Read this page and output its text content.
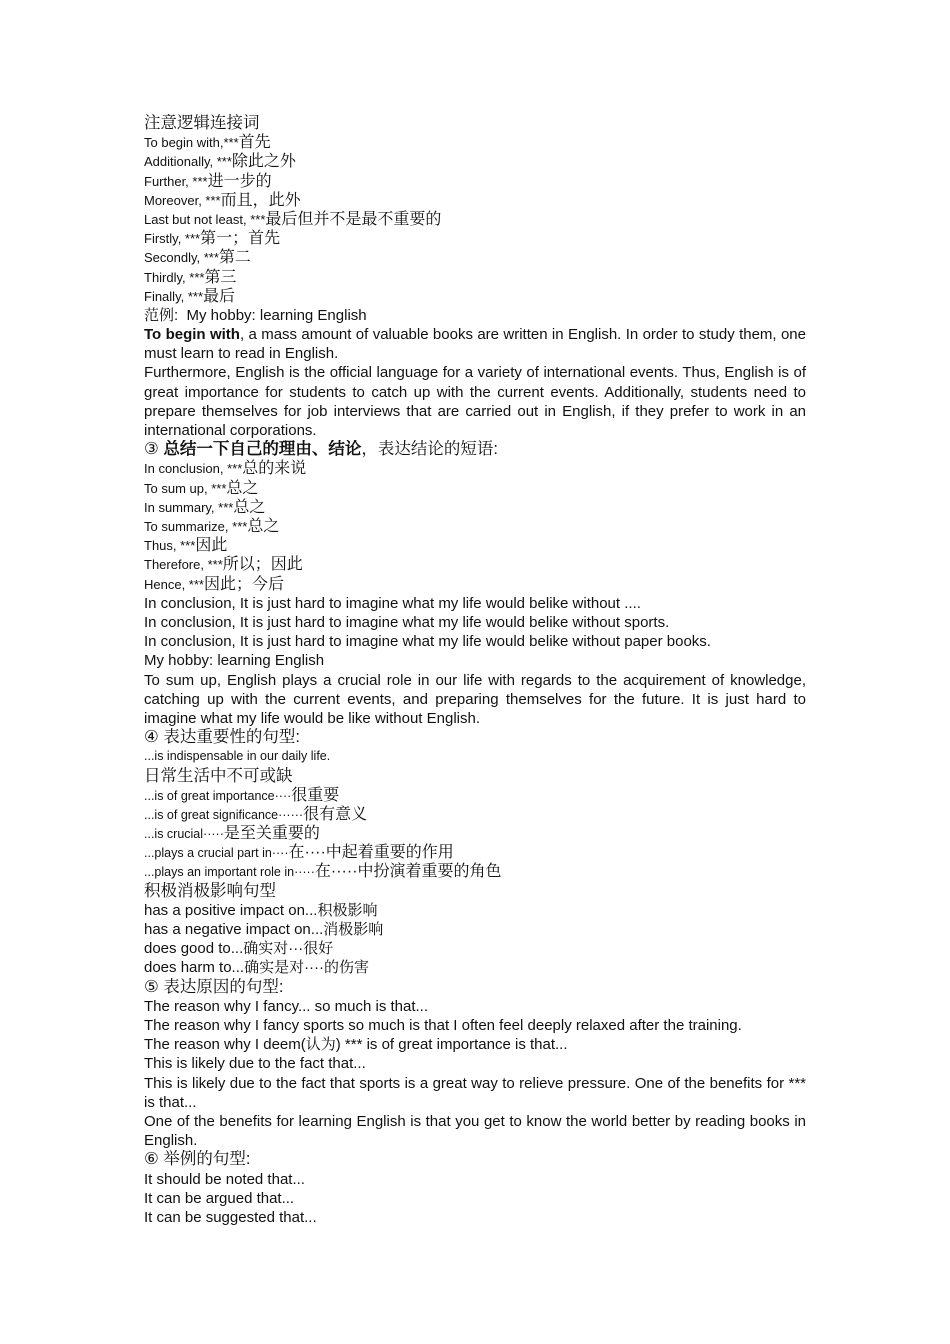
注意逻辑连接词
To begin with,***首先
Additionally, ***除此之外
Further, ***进一步的
Moreover, ***而且，此外
Last but not least, ***最后但并不是最不重要的
Firstly, ***第一；首先
Secondly, ***第二
Thirdly, ***第三
Finally, ***最后
范例: My hobby: learning English

To begin with, a mass amount of valuable books are written in English. In order to study them, one must learn to read in English.

Furthermore, English is the official language for a variety of international events. Thus, English is of great importance for students to catch up with the current events. Additionally, students need to prepare themselves for job interviews that are carried out in English, if they prefer to work in an international corporations.

③ 总结一下自己的理由、结论，表达结论的短语:
In conclusion, ***总的来说
To sum up, ***总之
In summary, ***总之
To summarize, ***总之
Thus, ***因此
Therefore, ***所以；因此
Hence, ***因此；今后
In conclusion, It is just hard to imagine what my life would belike without ....
In conclusion, It is just hard to imagine what my life would belike without sports.
In conclusion, It is just hard to imagine what my life would belike without paper books.
My hobby: learning English

To sum up, English plays a crucial role in our life with regards to the acquirement of knowledge, catching up with the current events, and preparing themselves for the future. It is just hard to imagine what my life would be like without English.

④ 表达重要性的句型:
...is indispensable in our daily life.
日常生活中不可或缺
...is of great importance····很重要
...is of great significance······很有意义
...is crucial·····是至关重要的
...plays a crucial part in····在····中起着重要的作用
...plays an important role in·····在·····中扮演着重要的角色
积极消极影响句型
has a positive impact on...积极影响
has a negative impact on...消极影响
does good to...确实对···很好
does harm to...确实是对····的伤害
⑤ 表达原因的句型:
The reason why I fancy... so much is that...
The reason why I fancy sports so much is that I often feel deeply relaxed after the training.
The reason why I deem(认为) *** is of great importance is that...
This is likely due to the fact that...

This is likely due to the fact that sports is a great way to relieve pressure. One of the benefits for *** is that...

One of the benefits for learning English is that you get to know the world better by reading books in English.

⑥ 举例的句型:
It should be noted that...
It can be argued that...
It can be suggested that...
